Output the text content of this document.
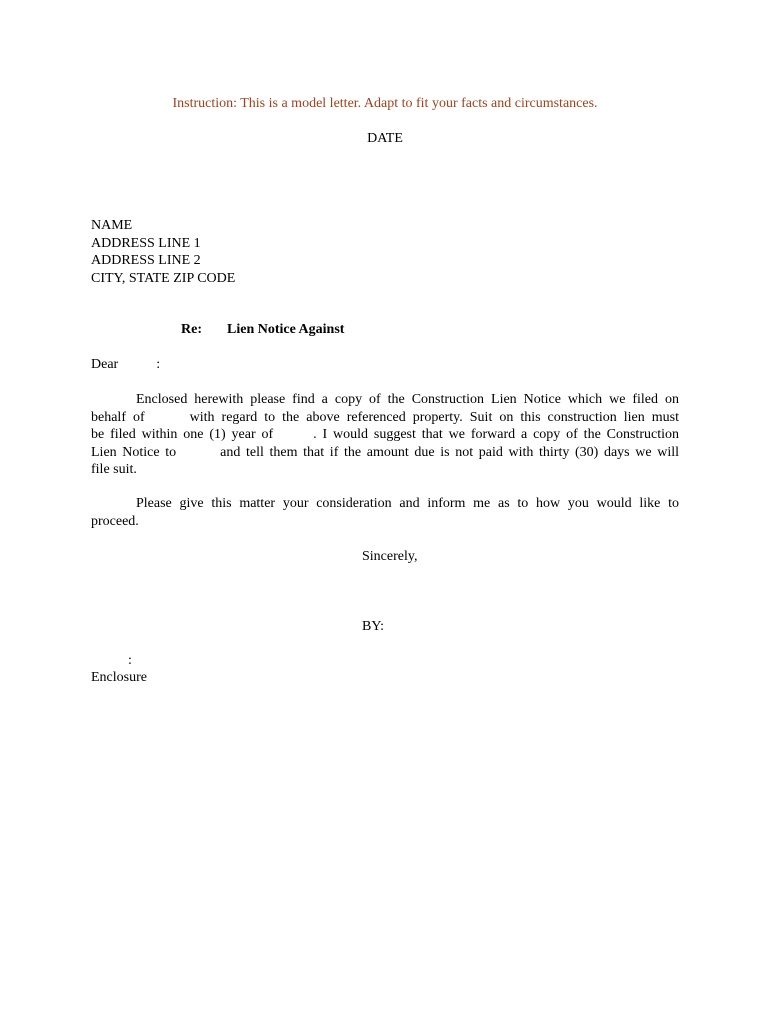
Instruction: This is a model letter. Adapt to fit your facts and circumstances.
DATE
NAME
ADDRESS LINE 1
ADDRESS LINE 2
CITY, STATE ZIP CODE
Re: Lien Notice Against
Dear	:
Enclosed herewith please find a copy of the Construction Lien Notice which we filed on
behalf of	with regard to the above referenced property. Suit on this construction lien must
be filed within one (1) year of	. I would suggest that we forward a copy of the Construction
Lien Notice to	and tell them that if the amount due is not paid with thirty (30) days we will
file suit.
Please give this matter your consideration and inform me as to how you would like to
proceed.
Sincerely,
BY:
:
Enclosure
